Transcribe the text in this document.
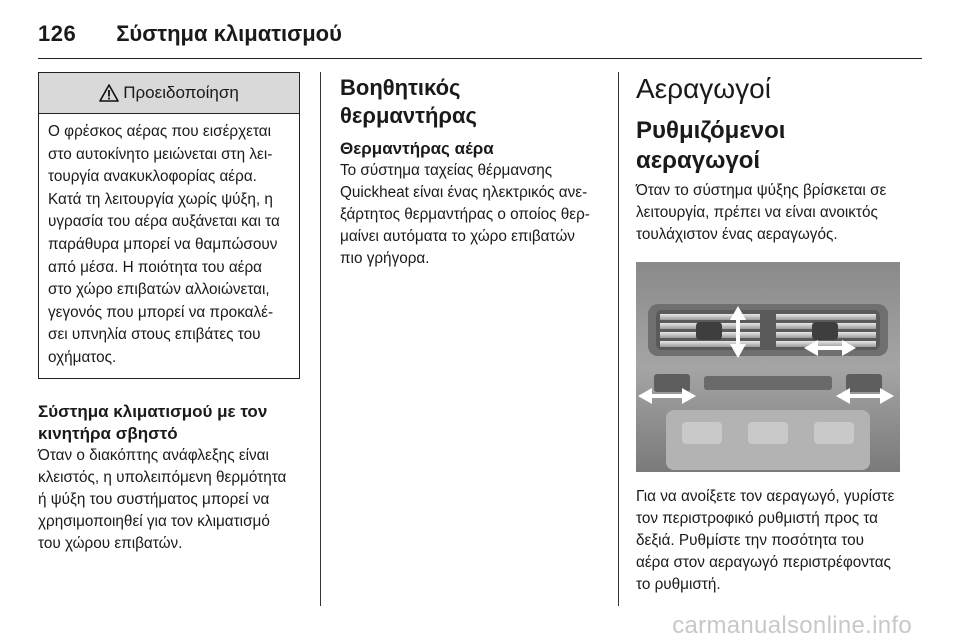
126 Σύστημα κλιματισμού
Προειδοποίηση
Ο φρέσκος αέρας που εισέρχεται
στο αυτοκίνητο μειώνεται στη λει-
τουργία ανακυκλοφορίας αέρα.
Κατά τη λειτουργία χωρίς ψύξη, η
υγρασία του αέρα αυξάνεται και τα
παράθυρα μπορεί να θαμπώσουν
από μέσα. Η ποιότητα του αέρα
στο χώρο επιβατών αλλοιώνεται,
γεγονός που μπορεί να προκαλέ-
σει υπνηλία στους επιβάτες του
οχήματος.
Σύστημα κλιματισμού με τον
κινητήρα σβηστό
Όταν ο διακόπτης ανάφλεξης είναι
κλειστός, η υπολειπόμενη θερμότητα
ή ψύξη του συστήματος μπορεί να
χρησιμοποιηθεί για τον κλιματισμό
του χώρου επιβατών.
Βοηθητικός θερμαντήρας
Θερμαντήρας αέρα
Το σύστημα ταχείας θέρμανσης
Quickheat είναι ένας ηλεκτρικός ανε-
ξάρτητος θερμαντήρας ο οποίος θερ-
μαίνει αυτόματα το χώρο επιβατών
πιο γρήγορα.
Αεραγωγοί
Ρυθμιζόμενοι αεραγωγοί
Όταν το σύστημα ψύξης βρίσκεται σε
λειτουργία, πρέπει να είναι ανοικτός
τουλάχιστον ένας αεραγωγός.
Για να ανοίξετε τον αεραγωγό, γυρίστε
τον περιστροφικό ρυθμιστή προς τα
δεξιά. Ρυθμίστε την ποσότητα του
αέρα στον αεραγωγό περιστρέφοντας
το ρυθμιστή.
carmanualsonline.info
